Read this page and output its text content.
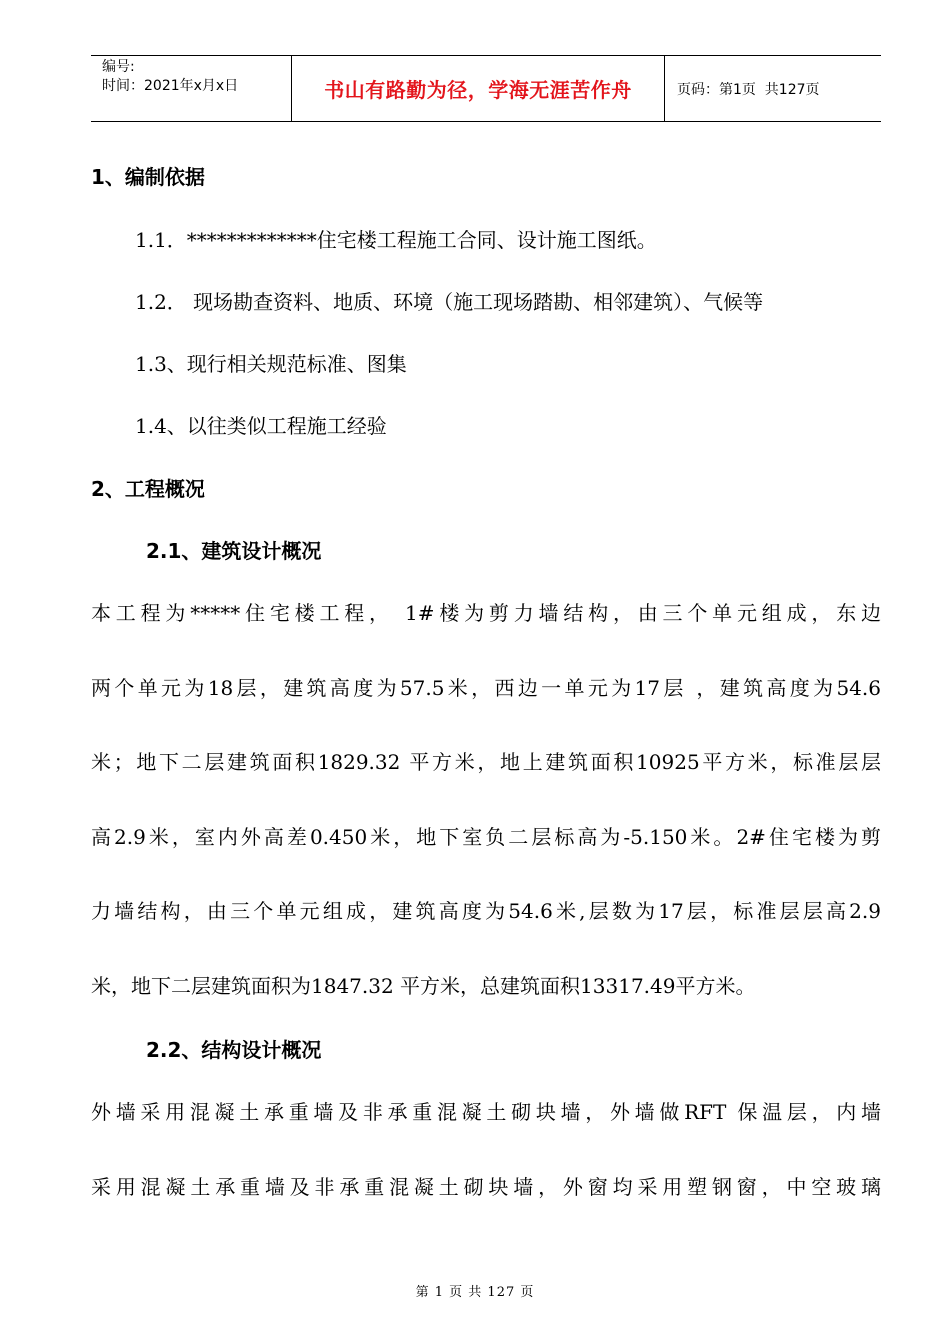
编号:
时间：2021年x月x日	书山有路勤为径，学海无涯苦作舟	页码：第1页  共127页
1、编制依据
1.1．*************住宅楼工程施工合同、设计施工图纸。
1.2． 现场勘查资料、地质、环境（施工现场踏勘、相邻建筑）、气候等
1.3、现行相关规范标准、图集
1.4、以往类似工程施工经验
2、工程概况
2.1、建筑设计概况
本工程为*****住宅楼工程， 1#楼为剪力墙结构，由三个单元组成，东边
两个单元为18层，建筑高度为57.5米，西边一单元为17层 ，建筑高度为54.6
米；地下二层建筑面积1829.32 平方米，地上建筑面积10925平方米，标准层层
高2.9米，室内外高差0.450米，地下室负二层标高为-5.150米。2#住宅楼为剪
力墙结构，由三个单元组成，建筑高度为54.6米,层数为17层，标准层层高2.9
米，地下二层建筑面积为1847.32 平方米，总建筑面积13317.49平方米。
2.2、结构设计概况
外墙采用混凝土承重墙及非承重混凝土砌块墙，外墙做RFT 保温层，内墙
采用混凝土承重墙及非承重混凝土砌块墙，外窗均采用塑钢窗，中空玻璃
第 1 页 共 127 页
